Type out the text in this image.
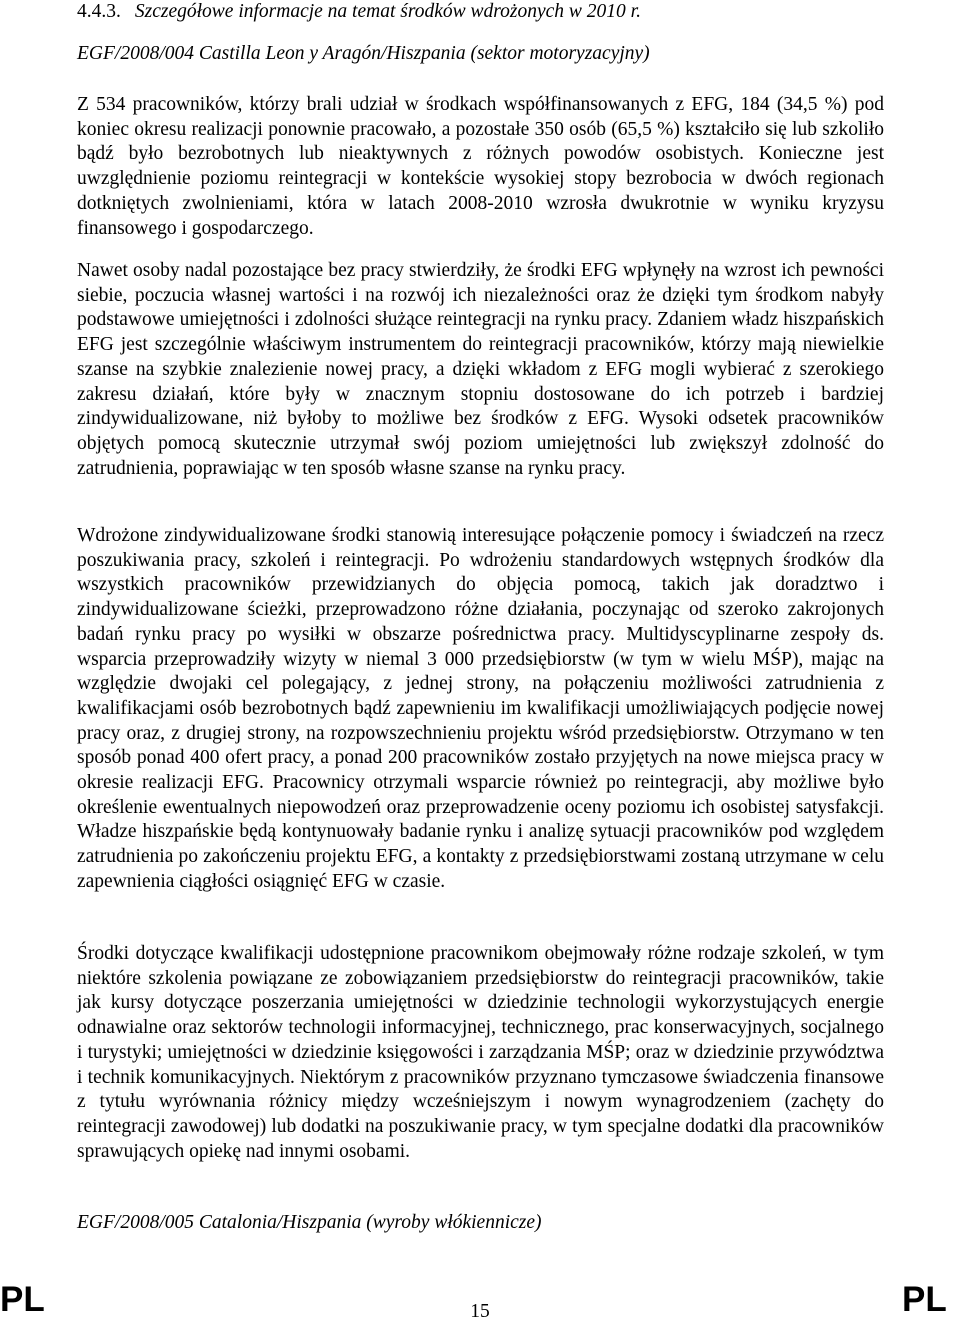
4.4.3. Szczegółowe informacje na temat środków wdrożonych w 2010 r.
EGF/2008/004 Castilla Leon y Aragón/Hiszpania (sektor motoryzacyjny)

Z 534 pracowników, którzy brali udział w środkach współfinansowanych z EFG, 184 (34,5 %) pod koniec okresu realizacji ponownie pracowało, a pozostałe 350 osób (65,5 %) kształciło się lub szkoliło bądź było bezrobotnych lub nieaktywnych z różnych powodów osobistych. Konieczne jest uwzględnienie poziomu reintegracji w kontekście wysokiej stopy bezrobocia w dwóch regionach dotkniętych zwolnieniami, która w latach 2008-2010 wzrosła dwukrotnie w wyniku kryzysu finansowego i gospodarczego.

Nawet osoby nadal pozostające bez pracy stwierdziły, że środki EFG wpłynęły na wzrost ich pewności siebie, poczucia własnej wartości i na rozwój ich niezależności oraz że dzięki tym środkom nabyły podstawowe umiejętności i zdolności służące reintegracji na rynku pracy. Zdaniem władz hiszpańskich EFG jest szczególnie właściwym instrumentem do reintegracji pracowników, którzy mają niewielkie szanse na szybkie znalezienie nowej pracy, a dzięki wkładom z EFG mogli wybierać z szerokiego zakresu działań, które były w znacznym stopniu dostosowane do ich potrzeb i bardziej zindywidualizowane, niż byłoby to możliwe bez środków z EFG. Wysoki odsetek pracowników objętych pomocą skutecznie utrzymał swój poziom umiejętności lub zwiększył zdolność do zatrudnienia, poprawiając w ten sposób własne szanse na rynku pracy.

Wdrożone zindywidualizowane środki stanowią interesujące połączenie pomocy i świadczeń na rzecz poszukiwania pracy, szkoleń i reintegracji. Po wdrożeniu standardowych wstępnych środków dla wszystkich pracowników przewidzianych do objęcia pomocą, takich jak doradztwo i zindywidualizowane ścieżki, przeprowadzono różne działania, poczynając od szeroko zakrojonych badań rynku pracy po wysiłki w obszarze pośrednictwa pracy. Multidyscyplinarne zespoły ds. wsparcia przeprowadziły wizyty w niemal 3 000 przedsiębiorstw (w tym w wielu MŚP), mając na względzie dwojaki cel polegający, z jednej strony, na połączeniu możliwości zatrudnienia z kwalifikacjami osób bezrobotnych bądź zapewnieniu im kwalifikacji umożliwiających podjęcie nowej pracy oraz, z drugiej strony, na rozpowszechnieniu projektu wśród przedsiębiorstw. Otrzymano w ten sposób ponad 400 ofert pracy, a ponad 200 pracowników zostało przyjętych na nowe miejsca pracy w okresie realizacji EFG. Pracownicy otrzymali wsparcie również po reintegracji, aby możliwe było określenie ewentualnych niepowodzeń oraz przeprowadzenie oceny poziomu ich osobistej satysfakcji. Władze hiszpańskie będą kontynuowały badanie rynku i analizę sytuacji pracowników pod względem zatrudnienia po zakończeniu projektu EFG, a kontakty z przedsiębiorstwami zostaną utrzymane w celu zapewnienia ciągłości osiągnięć EFG w czasie.

Środki dotyczące kwalifikacji udostępnione pracownikom obejmowały różne rodzaje szkoleń, w tym niektóre szkolenia powiązane ze zobowiązaniem przedsiębiorstw do reintegracji pracowników, takie jak kursy dotyczące poszerzania umiejętności w dziedzinie technologii wykorzystujących energie odnawialne oraz sektorów technologii informacyjnej, technicznego, prac konserwacyjnych, socjalnego i turystyki; umiejętności w dziedzinie księgowości i zarządzania MŚP; oraz w dziedzinie przywództwa i technik komunikacyjnych. Niektórym z pracowników przyznano tymczasowe świadczenia finansowe z tytułu wyrównania różnicy między wcześniejszym i nowym wynagrodzeniem (zachęty do reintegracji zawodowej) lub dodatki na poszukiwanie pracy, w tym specjalne dodatki dla pracowników sprawujących opiekę nad innymi osobami.

EGF/2008/005 Catalonia/Hiszpania (wyroby włókiennicze)
PL	15	PL
